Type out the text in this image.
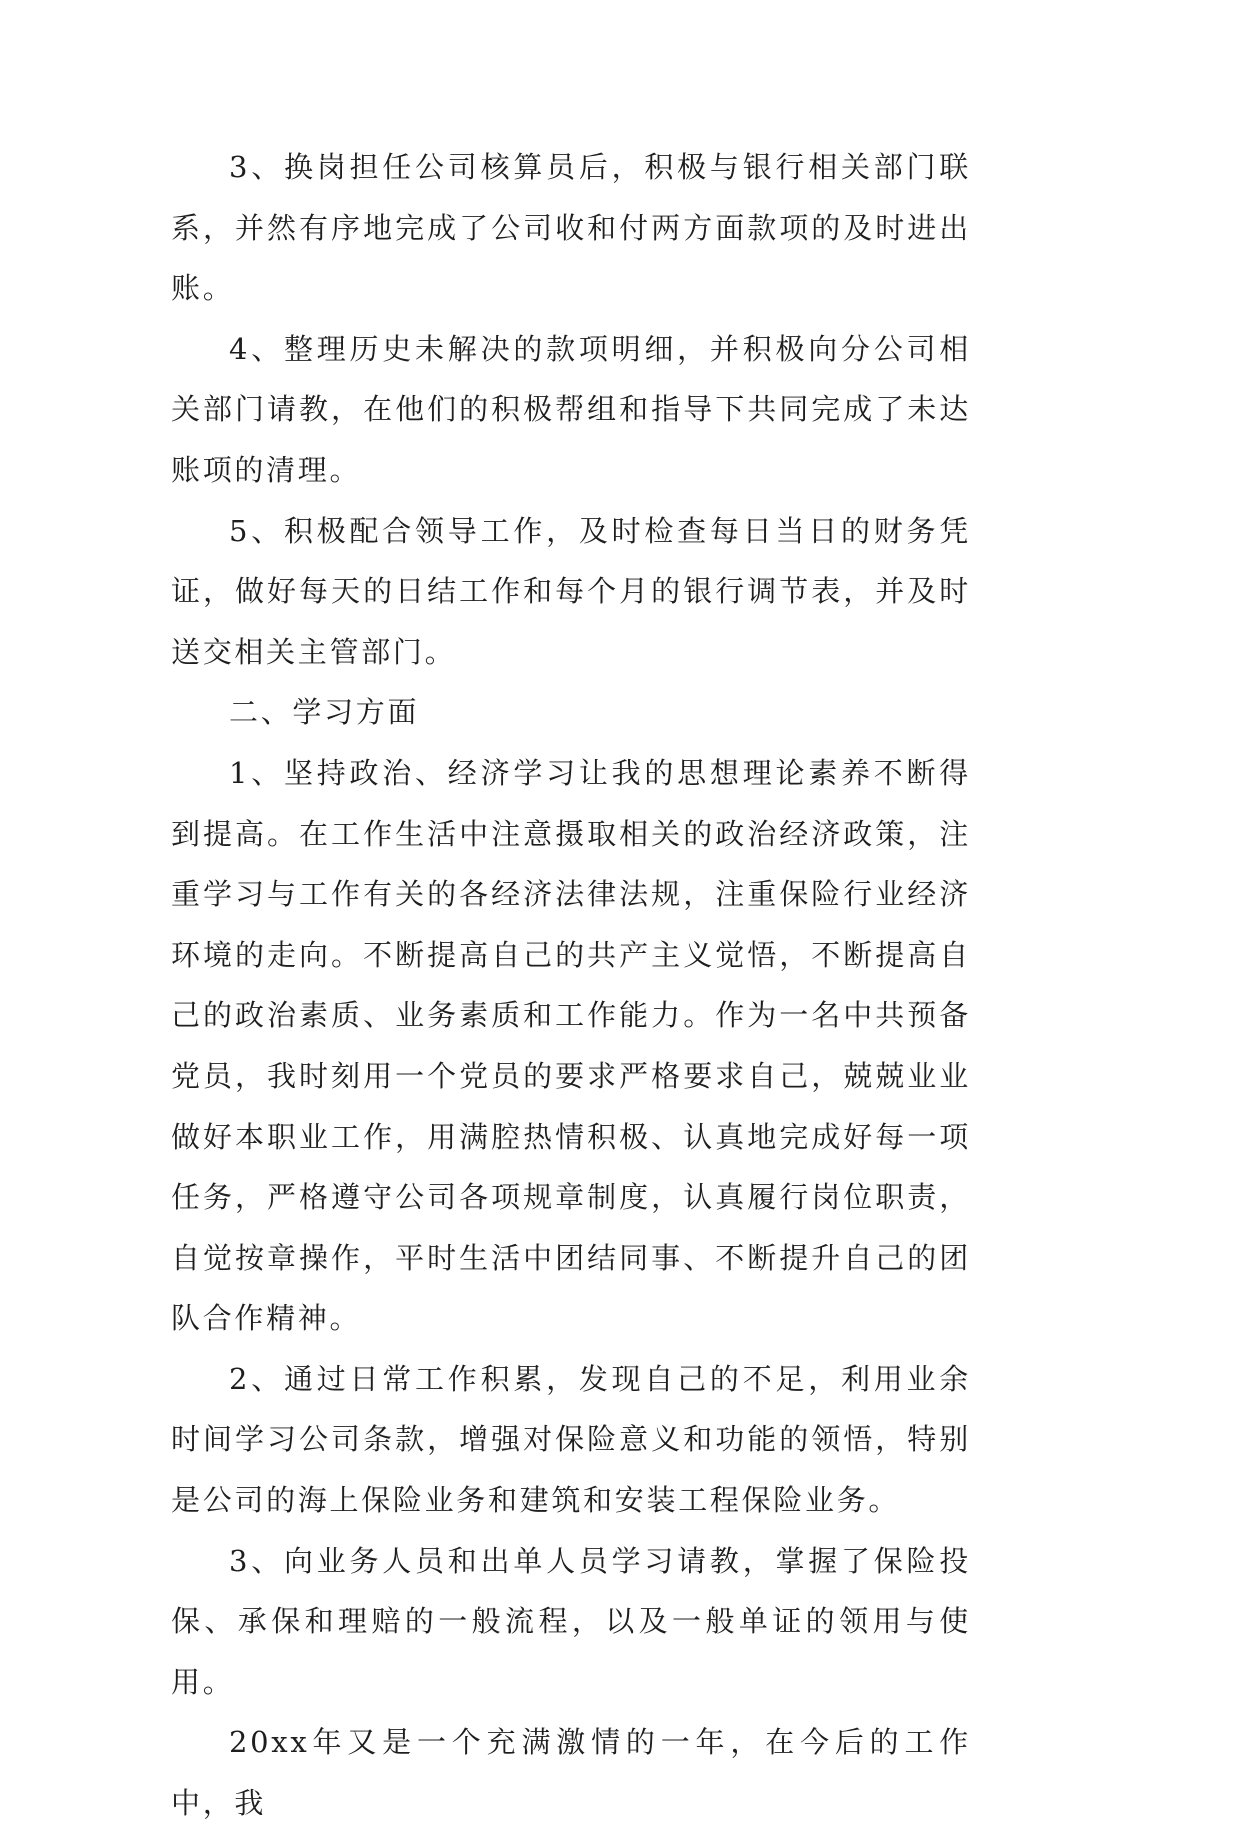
3、换岗担任公司核算员后，积极与银行相关部门联系，并然有序地完成了公司收和付两方面款项的及时进出账。

4、整理历史未解决的款项明细，并积极向分公司相关部门请教，在他们的积极帮组和指导下共同完成了未达账项的清理。

5、积极配合领导工作，及时检查每日当日的财务凭证，做好每天的日结工作和每个月的银行调节表，并及时送交相关主管部门。

二、学习方面

1、坚持政治、经济学习让我的思想理论素养不断得到提高。在工作生活中注意摄取相关的政治经济政策，注重学习与工作有关的各经济法律法规，注重保险行业经济环境的走向。不断提高自己的共产主义觉悟，不断提高自己的政治素质、业务素质和工作能力。作为一名中共预备党员，我时刻用一个党员的要求严格要求自己，兢兢业业做好本职业工作，用满腔热情积极、认真地完成好每一项任务，严格遵守公司各项规章制度，认真履行岗位职责，自觉按章操作，平时生活中团结同事、不断提升自己的团队合作精神。

2、通过日常工作积累，发现自己的不足，利用业余时间学习公司条款，增强对保险意义和功能的领悟，特别是公司的海上保险业务和建筑和安装工程保险业务。

3、向业务人员和出单人员学习请教，掌握了保险投保、承保和理赔的一般流程，以及一般单证的领用与使用。

20xx年又是一个充满激情的一年，在今后的工作中，我
